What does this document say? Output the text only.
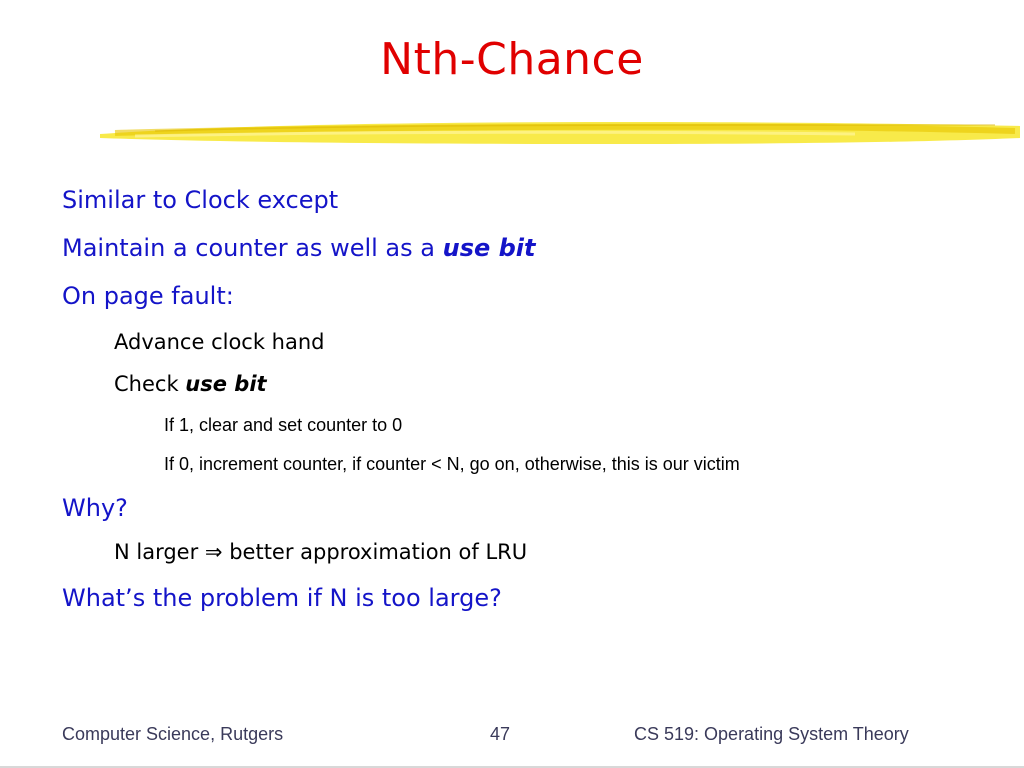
Nth-Chance
Similar to Clock except
Maintain a counter as well as a use bit
On page fault:
Advance clock hand
Check use bit
If 1, clear and set counter to 0
If 0, increment counter, if counter < N, go on, otherwise, this is our victim
Why?
N larger ⇒ better approximation of LRU
What’s the problem if N is too large?
Computer Science, Rutgers	47	CS 519: Operating System Theory
